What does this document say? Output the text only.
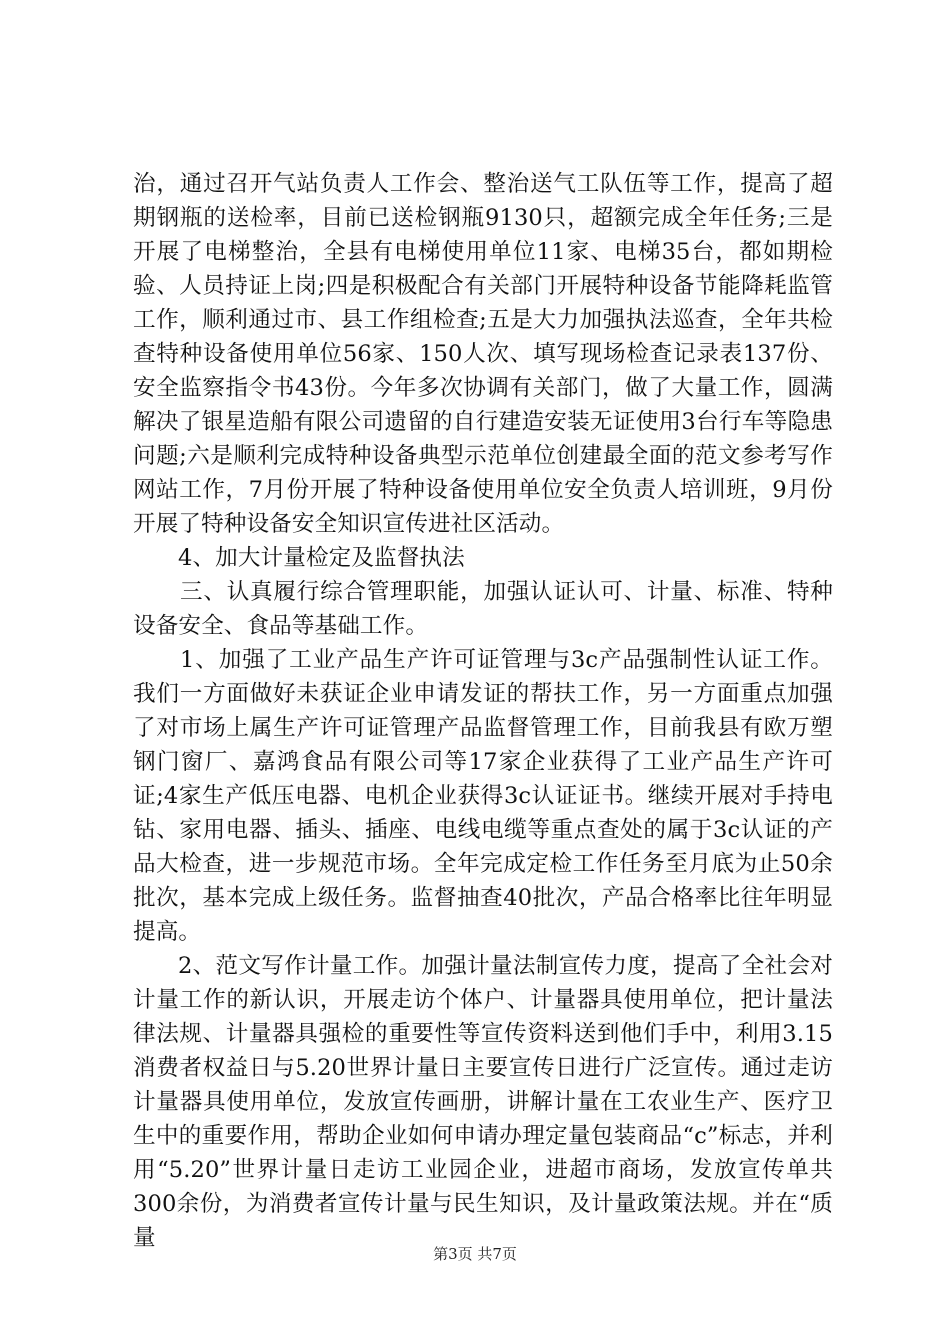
治，通过召开气站负责人工作会、整治送气工队伍等工作，提高了超期钢瓶的送检率，目前已送检钢瓶9130只，超额完成全年任务;三是开展了电梯整治，全县有电梯使用单位11家、电梯35台，都如期检验、人员持证上岗;四是积极配合有关部门开展特种设备节能降耗监管工作，顺利通过市、县工作组检查;五是大力加强执法巡查，全年共检查特种设备使用单位56家、150人次、填写现场检查记录表137份、安全监察指令书43份。今年多次协调有关部门，做了大量工作，圆满解决了银星造船有限公司遗留的自行建造安装无证使用3台行车等隐患问题;六是顺利完成特种设备典型示范单位创建最全面的范文参考写作网站工作，7月份开展了特种设备使用单位安全负责人培训班，9月份开展了特种设备安全知识宣传进社区活动。

4、加大计量检定及监督执法

三、认真履行综合管理职能，加强认证认可、计量、标准、特种设备安全、食品等基础工作。

1、加强了工业产品生产许可证管理与3c产品强制性认证工作。我们一方面做好未获证企业申请发证的帮扶工作，另一方面重点加强了对市场上属生产许可证管理产品监督管理工作，目前我县有欧万塑钢门窗厂、嘉鸿食品有限公司等17家企业获得了工业产品生产许可证;4家生产低压电器、电机企业获得3c认证证书。继续开展对手持电钻、家用电器、插头、插座、电线电缆等重点查处的属于3c认证的产品大检查，进一步规范市场。全年完成定检工作任务至月底为止50余批次，基本完成上级任务。监督抽查40批次，产品合格率比往年明显提高。

2、范文写作计量工作。加强计量法制宣传力度，提高了全社会对计量工作的新认识，开展走访个体户、计量器具使用单位，把计量法律法规、计量器具强检的重要性等宣传资料送到他们手中，利用3.15消费者权益日与5.20世界计量日主要宣传日进行广泛宣传。通过走访计量器具使用单位，发放宣传画册，讲解计量在工农业生产、医疗卫生中的重要作用，帮助企业如何申请办理定量包装商品“c”标志，并利用“5.20”世界计量日走访工业园企业，进超市商场，发放宣传单共300余份，为消费者宣传计量与民生知识，及计量政策法规。并在“质量

第3页 共7页
